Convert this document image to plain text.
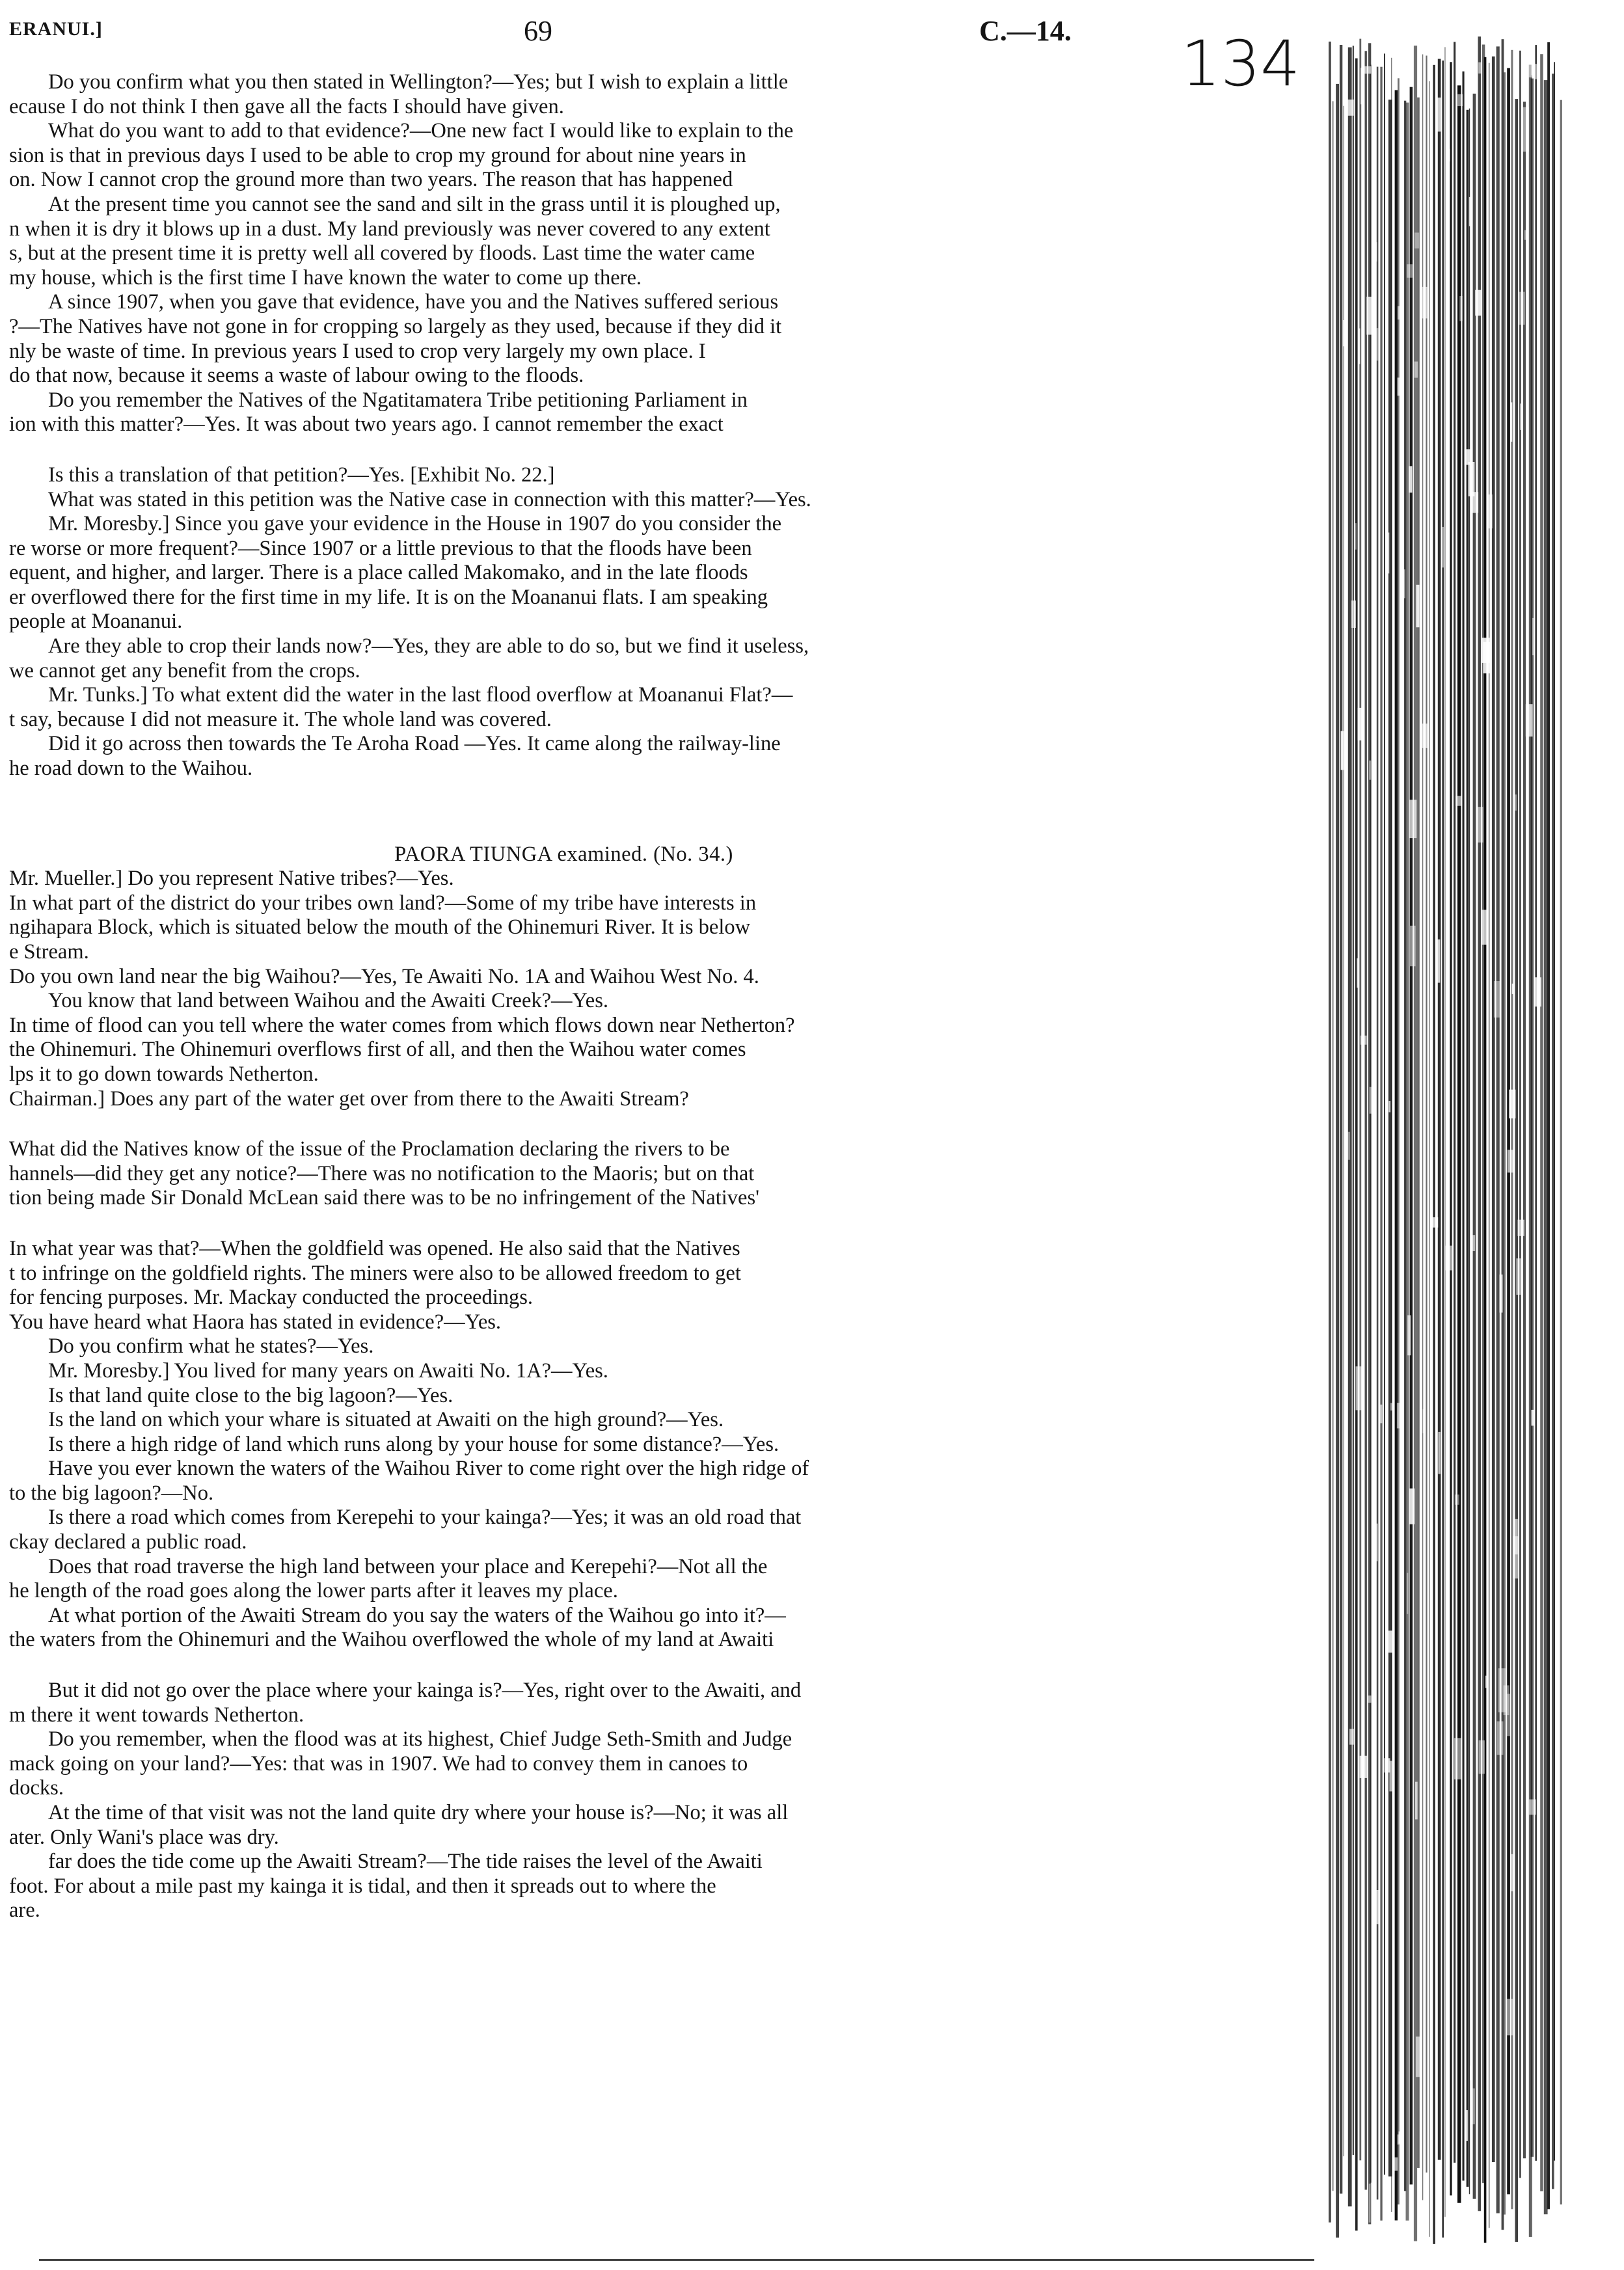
ERANUI.]	69	C.—14. 134
Do you confirm what you then stated in Wellington?—Yes; but I wish to explain a little
ecause I do not think I then gave all the facts I should have given.
What do you want to add to that evidence?—One new fact I would like to explain to the
sion is that in previous days I used to be able to crop my ground for about nine years in
on. Now I cannot crop the ground more than two years. The reason that has happened
At the present time you cannot see the sand and silt in the grass until it is ploughed up,
n when it is dry it blows up in a dust. My land previously was never covered to any extent
s, but at the present time it is pretty well all covered by floods. Last time the water came
my house, which is the first time I have known the water to come up there.
A since 1907, when you gave that evidence, have you and the Natives suffered serious
?—The Natives have not gone in for cropping so largely as they used, because if they did it
nly be waste of time. In previous years I used to crop very largely my own place. I
do that now, because it seems a waste of labour owing to the floods.
Do you remember the Natives of the Ngatitamatera Tribe petitioning Parliament in
ion with this matter?—Yes. It was about two years ago. I cannot remember the exact
Is this a translation of that petition?—Yes. [Exhibit No. 22.]
What was stated in this petition was the Native case in connection with this matter?—Yes.
Mr. Moresby.] Since you gave your evidence in the House in 1907 do you consider the
re worse or more frequent?—Since 1907 or a little previous to that the floods have been
equent, and higher, and larger. There is a place called Makomako, and in the late floods
er overflowed there for the first time in my life. It is on the Moananui flats. I am speaking
people at Moananui.
Are they able to crop their lands now?—Yes, they are able to do so, but we find it useless,
we cannot get any benefit from the crops.
Mr. Tunks.] To what extent did the water in the last flood overflow at Moananui Flat?—
t say, because I did not measure it. The whole land was covered.
Did it go across then towards the Te Aroha Road —Yes. It came along the railway-line
he road down to the Waihou.
PAORA TIUNGA examined. (No. 34.)
Mr. Mueller.] Do you represent Native tribes?—Yes.
In what part of the district do your tribes own land?—Some of my tribe have interests in
ngihapara Block, which is situated below the mouth of the Ohinemuri River. It is below
e Stream.
Do you own land near the big Waihou?—Yes, Te Awaiti No. 1A and Waihou West No. 4.
You know that land between Waihou and the Awaiti Creek?—Yes.
In time of flood can you tell where the water comes from which flows down near Netherton?
the Ohinemuri. The Ohinemuri overflows first of all, and then the Waihou water comes
lps it to go down towards Netherton.
Chairman.] Does any part of the water get over from there to the Awaiti Stream?
What did the Natives know of the issue of the Proclamation declaring the rivers to be
hannels—did they get any notice?—There was no notification to the Maoris; but on that
tion being made Sir Donald McLean said there was to be no infringement of the Natives'
In what year was that?—When the goldfield was opened. He also said that the Natives
t to infringe on the goldfield rights. The miners were also to be allowed freedom to get
for fencing purposes. Mr. Mackay conducted the proceedings.
You have heard what Haora has stated in evidence?—Yes.
Do you confirm what he states?—Yes.
Mr. Moresby.] You lived for many years on Awaiti No. 1A?—Yes.
Is that land quite close to the big lagoon?—Yes.
Is the land on which your whare is situated at Awaiti on the high ground?—Yes.
Is there a high ridge of land which runs along by your house for some distance?—Yes.
Have you ever known the waters of the Waihou River to come right over the high ridge of
to the big lagoon?—No.
Is there a road which comes from Kerepehi to your kainga?—Yes; it was an old road that
ckay declared a public road.
Does that road traverse the high land between your place and Kerepehi?—Not all the
he length of the road goes along the lower parts after it leaves my place.
At what portion of the Awaiti Stream do you say the waters of the Waihou go into it?—
the waters from the Ohinemuri and the Waihou overflowed the whole of my land at Awaiti
But it did not go over the place where your kainga is?—Yes, right over to the Awaiti, and
m there it went towards Netherton.
Do you remember, when the flood was at its highest, Chief Judge Seth-Smith and Judge
mack going on your land?—Yes: that was in 1907. We had to convey them in canoes to
docks.
At the time of that visit was not the land quite dry where your house is?—No; it was all
ater. Only Wani's place was dry.
far does the tide come up the Awaiti Stream?—The tide raises the level of the Awaiti
foot. For about a mile past my kainga it is tidal, and then it spreads out to where the
are.
